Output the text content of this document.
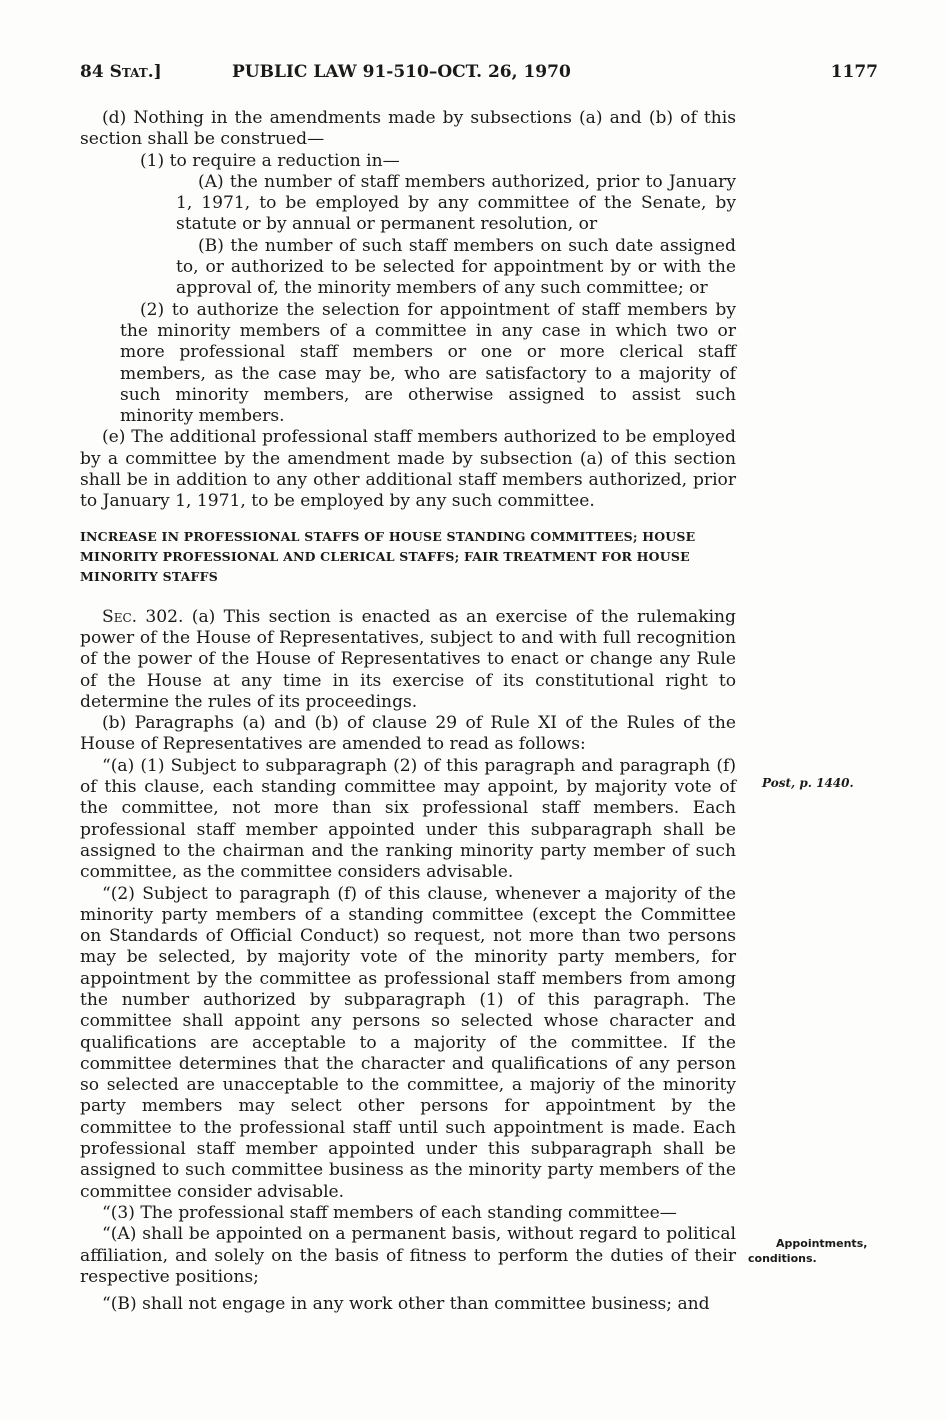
84 Stat.]	PUBLIC LAW 91-510–OCT. 26, 1970	1177

(d) Nothing in the amendments made by subsections (a) and (b) of this section shall be construed—

(1) to require a reduction in—

(A) the number of staff members authorized, prior to January 1, 1971, to be employed by any committee of the Senate, by statute or by annual or permanent resolution, or

(B) the number of such staff members on such date assigned to, or authorized to be selected for appointment by or with the approval of, the minority members of any such committee; or

(2) to authorize the selection for appointment of staff members by the minority members of a committee in any case in which two or more professional staff members or one or more clerical staff members, as the case may be, who are satisfactory to a majority of such minority members, are otherwise assigned to assist such minority members.

(e) The additional professional staff members authorized to be employed by a committee by the amendment made by subsection (a) of this section shall be in addition to any other additional staff members authorized, prior to January 1, 1971, to be employed by any such committee.

INCREASE IN PROFESSIONAL STAFFS OF HOUSE STANDING COMMITTEES; HOUSE MINORITY PROFESSIONAL AND CLERICAL STAFFS; FAIR TREATMENT FOR HOUSE MINORITY STAFFS

Sec. 302. (a) This section is enacted as an exercise of the rulemaking power of the House of Representatives, subject to and with full recognition of the power of the House of Representatives to enact or change any Rule of the House at any time in its exercise of its constitutional right to determine the rules of its proceedings.

(b) Paragraphs (a) and (b) of clause 29 of Rule XI of the Rules of the House of Representatives are amended to read as follows:

“(a) (1) Subject to subparagraph (2) of this paragraph and paragraph (f) of this clause, each standing committee may appoint, by majority vote of the committee, not more than six professional staff members. Each professional staff member appointed under this subparagraph shall be assigned to the chairman and the ranking minority party member of such committee, as the committee considers advisable.

“(2) Subject to paragraph (f) of this clause, whenever a majority of the minority party members of a standing committee (except the Committee on Standards of Official Conduct) so request, not more than two persons may be selected, by majority vote of the minority party members, for appointment by the committee as professional staff members from among the number authorized by subparagraph (1) of this paragraph. The committee shall appoint any persons so selected whose character and qualifications are acceptable to a majority of the committee. If the committee determines that the character and qualifications of any person so selected are unacceptable to the committee, a majoriy of the minority party members may select other persons for appointment by the committee to the professional staff until such appointment is made. Each professional staff member appointed under this subparagraph shall be assigned to such committee business as the minority party members of the committee consider advisable.

“(3) The professional staff members of each standing committee—

“(A) shall be appointed on a permanent basis, without regard to political affiliation, and solely on the basis of fitness to perform the duties of their respective positions;

“(B) shall not engage in any work other than committee business; and

Post, p. 1440.
Appointments,
conditions.
